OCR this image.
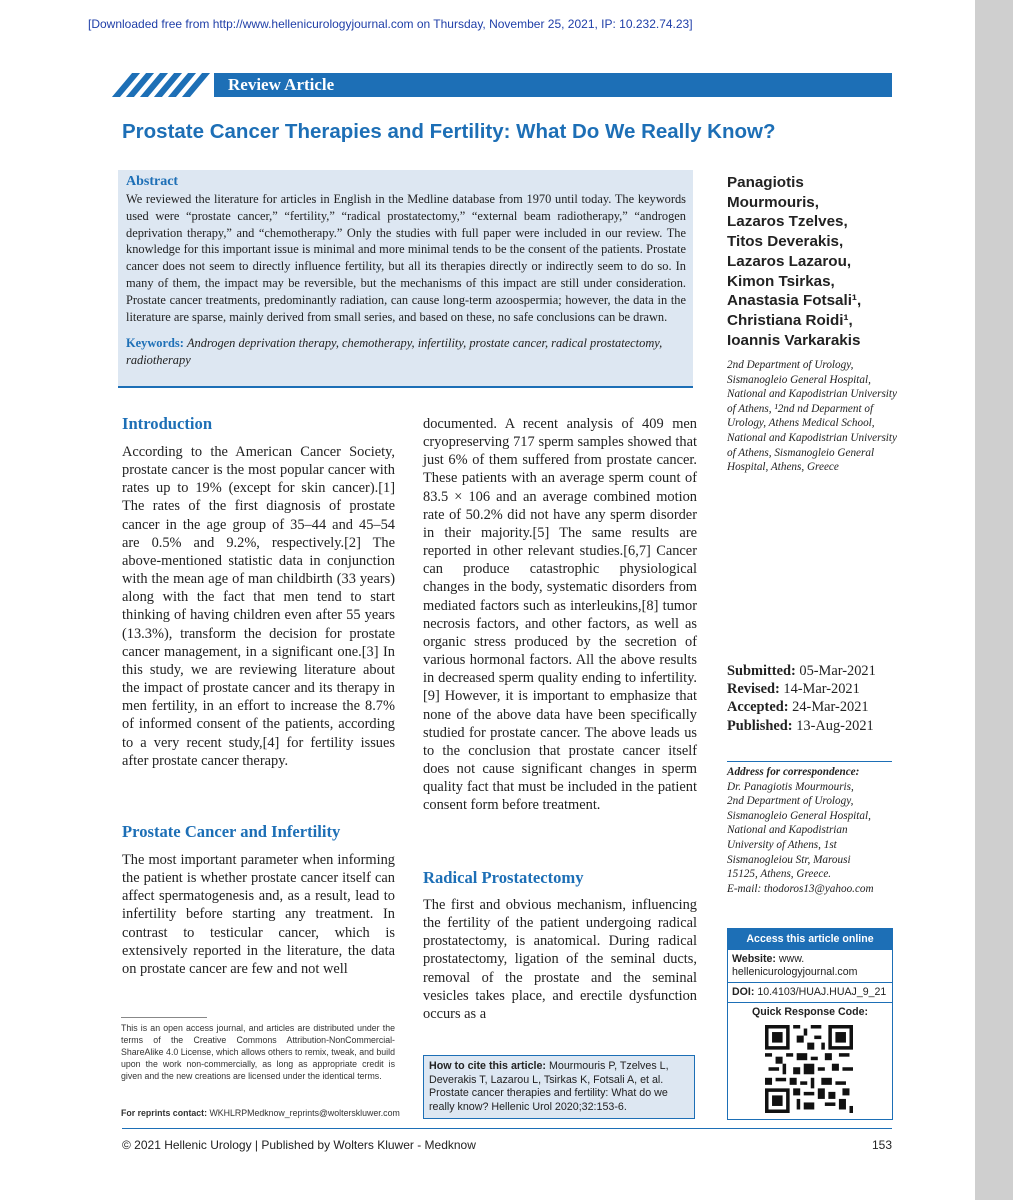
[Downloaded free from http://www.hellenicurologyjournal.com on Thursday, November 25, 2021, IP: 10.232.74.23]
Review Article
Prostate Cancer Therapies and Fertility: What Do We Really Know?
Abstract
We reviewed the literature for articles in English in the Medline database from 1970 until today. The keywords used were “prostate cancer,” “fertility,” “radical prostatectomy,” “external beam radiotherapy,” “androgen deprivation therapy,” and “chemotherapy.” Only the studies with full paper were included in our review. The knowledge for this important issue is minimal and more minimal tends to be the consent of the patients. Prostate cancer does not seem to directly influence fertility, but all its therapies directly or indirectly seem to do so. In many of them, the impact may be reversible, but the mechanisms of this impact are still under consideration. Prostate cancer treatments, predominantly radiation, can cause long-term azoospermia; however, the data in the literature are sparse, mainly derived from small series, and based on these, no safe conclusions can be drawn.
Keywords: Androgen deprivation therapy, chemotherapy, infertility, prostate cancer, radical prostatectomy, radiotherapy
Panagiotis
Mourmouris,
Lazaros Tzelves,
Titos Deverakis,
Lazaros Lazarou,
Kimon Tsirkas,
Anastasia Fotsali¹,
Christiana Roidi¹,
Ioannis Varkarakis
2nd Department of Urology, Sismanogleio General Hospital, National and Kapodistrian University of Athens, ¹2nd nd Deparment of Urology, Athens Medical School, National and Kapodistrian University of Athens, Sismanogleio General Hospital, Athens, Greece
Submitted: 05-Mar-2021
Revised: 14-Mar-2021
Accepted: 24-Mar-2021
Published: 13-Aug-2021
Address for correspondence:
Dr. Panagiotis Mourmouris,
2nd Department of Urology,
Sismanogleio General Hospital,
National and Kapodistrian
University of Athens, 1st
Sismanogleiou Str, Marousi
15125, Athens, Greece.
E-mail: thodoros13@yahoo.com
Access this article online
Website: www. hellenicurologyjournal.com
DOI: 10.4103/HUAJ.HUAJ_9_21
Quick Response Code:
Introduction
According to the American Cancer Society, prostate cancer is the most popular cancer with rates up to 19% (except for skin cancer).[1] The rates of the first diagnosis of prostate cancer in the age group of 35–44 and 45–54 are 0.5% and 9.2%, respectively.[2] The above-mentioned statistic data in conjunction with the mean age of man childbirth (33 years) along with the fact that men tend to start thinking of having children even after 55 years (13.3%), transform the decision for prostate cancer management, in a significant one.[3] In this study, we are reviewing literature about the impact of prostate cancer and its therapy in men fertility, in an effort to increase the 8.7% of informed consent of the patients, according to a very recent study,[4] for fertility issues after prostate cancer therapy.
Prostate Cancer and Infertility
The most important parameter when informing the patient is whether prostate cancer itself can affect spermatogenesis and, as a result, lead to infertility before starting any treatment. In contrast to testicular cancer, which is extensively reported in the literature, the data on prostate cancer are few and not well
documented. A recent analysis of 409 men cryopreserving 717 sperm samples showed that just 6% of them suffered from prostate cancer. These patients with an average sperm count of 83.5 × 106 and an average combined motion rate of 50.2% did not have any sperm disorder in their majority.[5] The same results are reported in other relevant studies.[6,7] Cancer can produce catastrophic physiological changes in the body, systematic disorders from mediated factors such as interleukins,[8] tumor necrosis factors, and other factors, as well as organic stress produced by the secretion of various hormonal factors. All the above results in decreased sperm quality ending to infertility.[9] However, it is important to emphasize that none of the above data have been specifically studied for prostate cancer. The above leads us to the conclusion that prostate cancer itself does not cause significant changes in sperm quality fact that must be included in the patient consent form before treatment.
Radical Prostatectomy
The first and obvious mechanism, influencing the fertility of the patient undergoing radical prostatectomy, is anatomical. During radical prostatectomy, ligation of the seminal ducts, removal of the prostate and the seminal vesicles takes place, and erectile dysfunction occurs as a
This is an open access journal, and articles are distributed under the terms of the Creative Commons Attribution-NonCommercial-ShareAlike 4.0 License, which allows others to remix, tweak, and build upon the work non-commercially, as long as appropriate credit is given and the new creations are licensed under the identical terms.
For reprints contact: WKHLRPMedknow_reprints@wolterskluwer.com
How to cite this article: Mourmouris P, Tzelves L, Deverakis T, Lazarou L, Tsirkas K, Fotsali A, et al. Prostate cancer therapies and fertility: What do we really know? Hellenic Urol 2020;32:153-6.
© 2021 Hellenic Urology | Published by Wolters Kluwer - Medknow	153
